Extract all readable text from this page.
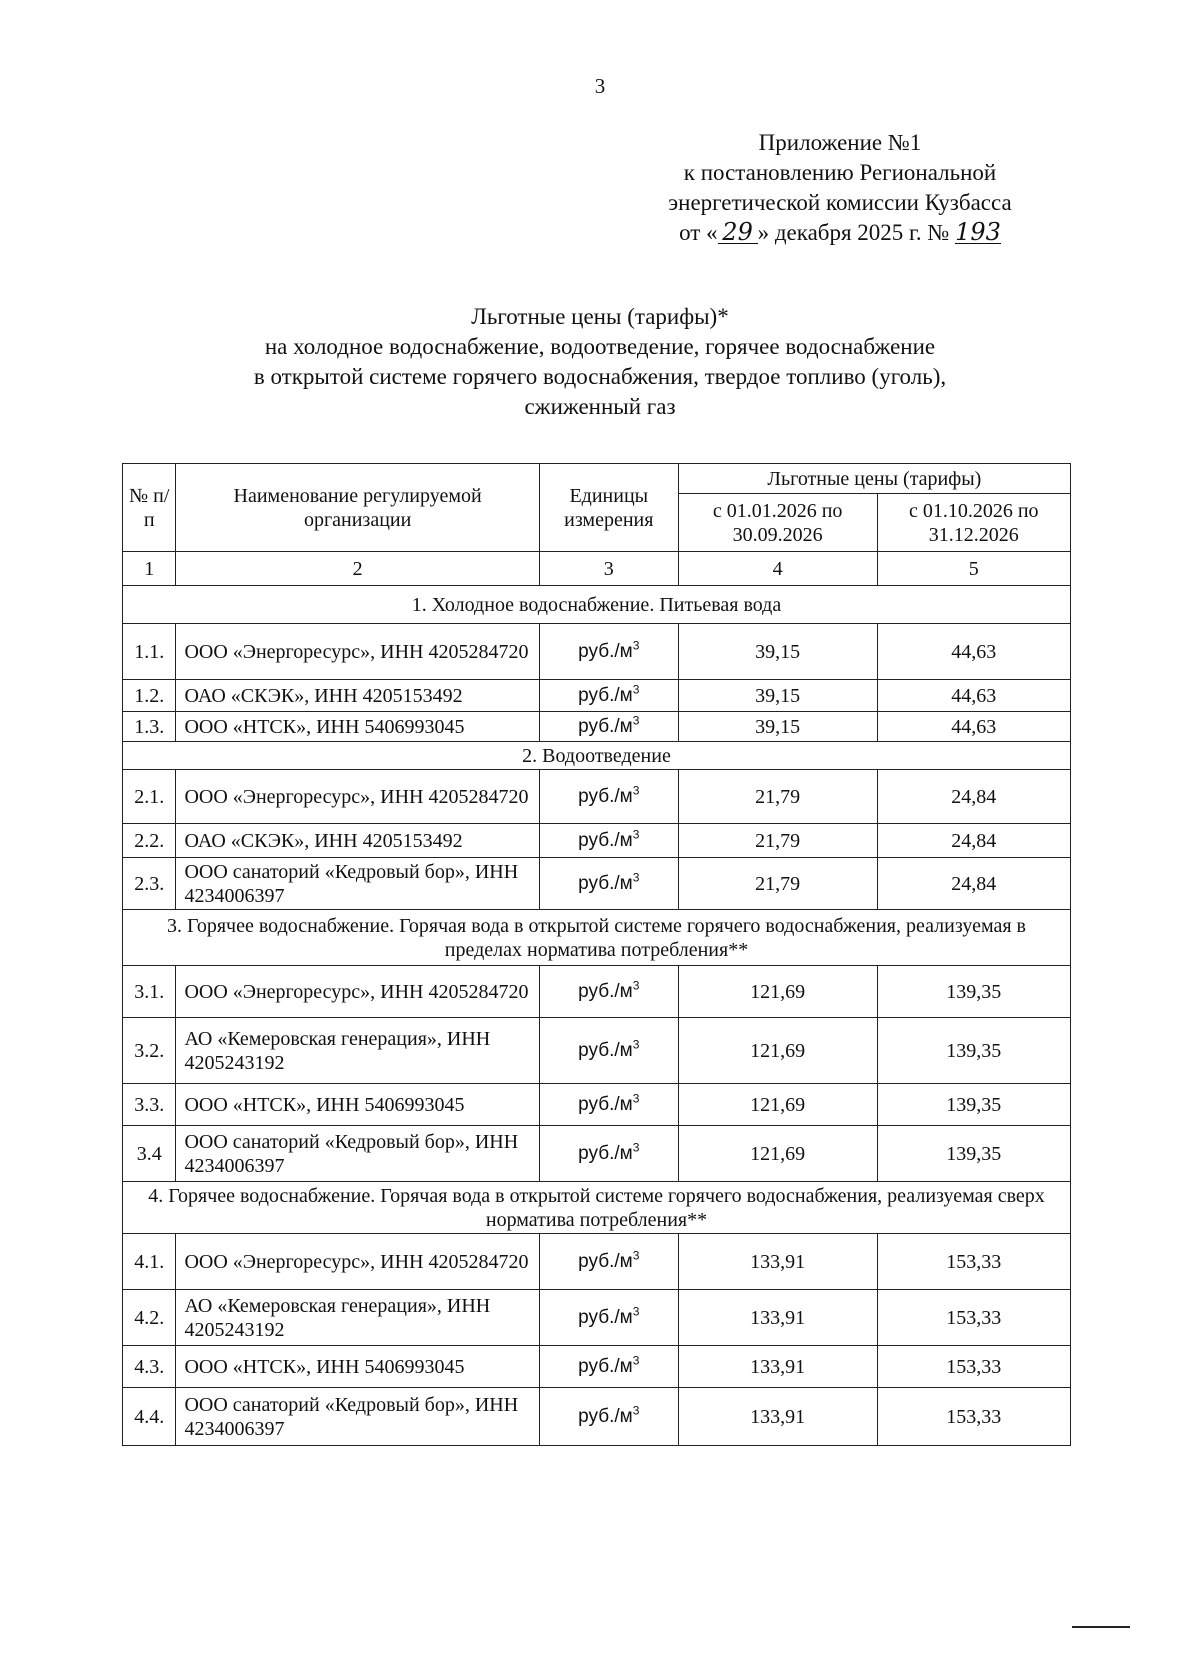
3
Приложение №1
к постановлению Региональной
энергетической комиссии Кузбасса
от « 29 » декабря 2025 г. № 193
Льготные цены (тарифы)*
на холодное водоснабжение, водоотведение, горячее водоснабжение
в открытой системе горячего водоснабжения, твердое топливо (уголь),
сжиженный газ
№ п/п	Наименование регулируемой организации	Единицы измерения	Льготные цены (тарифы)	
			с 01.01.2026 по 30.09.2026	с 01.10.2026 по 31.12.2026
1	2	3	4	5
1. Холодное водоснабжение. Питьевая вода				
1.1.	ООО «Энергоресурс», ИНН 4205284720	$руб./м^3$	39,15	44,63
1.2.	ОАО «СКЭК», ИНН 4205153492	$руб./м^3$	39,15	44,63
1.3.	ООО «НТСК», ИНН 5406993045	$руб./м^3$	39,15	44,63
2. Водоотведение				
2.1.	ООО «Энергоресурс», ИНН 4205284720	$руб./м^3$	21,79	24,84
2.2.	ОАО «СКЭК», ИНН 4205153492	$руб./м^3$	21,79	24,84
2.3.	ООО санаторий «Кедровый бор», ИНН 4234006397	$руб./м^3$	21,79	24,84
3. Горячее водоснабжение. Горячая вода в открытой системе горячего водоснабжения, реализуемая в пределах норматива потребления**				
3.1.	ООО «Энергоресурс», ИНН 4205284720	$руб./м^3$	121,69	139,35
3.2.	АО «Кемеровская генерация», ИНН 4205243192	$руб./м^3$	121,69	139,35
3.3.	ООО «НТСК», ИНН 5406993045	$руб./м^3$	121,69	139,35
3.4	ООО санаторий «Кедровый бор», ИНН 4234006397	$руб./м^3$	121,69	139,35
4. Горячее водоснабжение. Горячая вода в открытой системе горячего водоснабжения, реализуемая сверх норматива потребления**				
4.1.	ООО «Энергоресурс», ИНН 4205284720	$руб./м^3$	133,91	153,33
4.2.	АО «Кемеровская генерация», ИНН 4205243192	$руб./м^3$	133,91	153,33
4.3.	ООО «НТСК», ИНН 5406993045	$руб./м^3$	133,91	153,33
4.4.	ООО санаторий «Кедровый бор», ИНН 4234006397	$руб./м^3$	133,91	153,33
